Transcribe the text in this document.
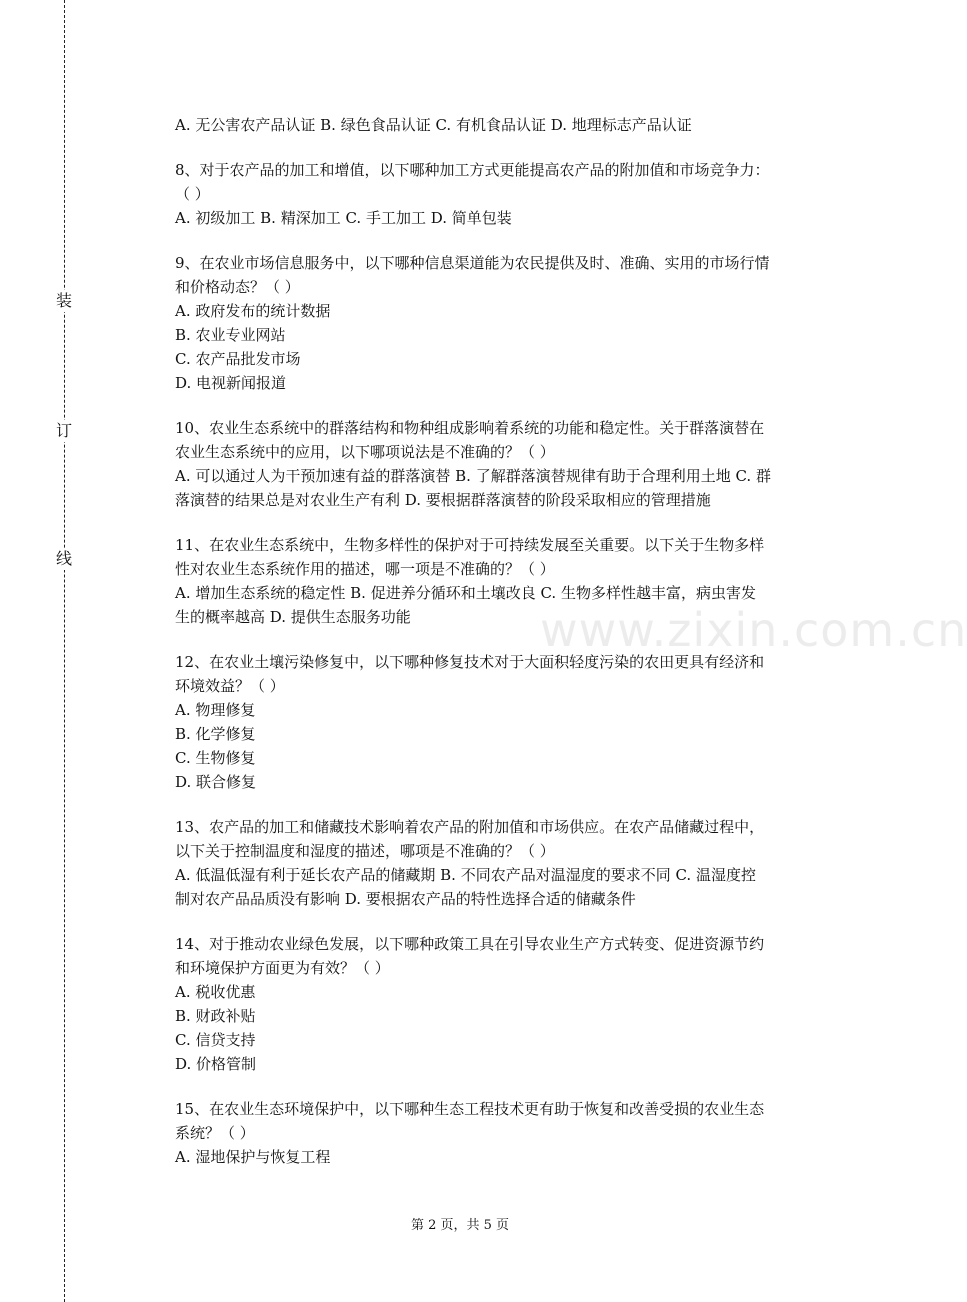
装
订
线
www.zixin.com.cn
A. 无公害农产品认证 B. 绿色食品认证 C. 有机食品认证 D. 地理标志产品认证
8、对于农产品的加工和增值，以下哪种加工方式更能提高农产品的附加值和市场竞争力：
（ ）
A. 初级加工 B. 精深加工 C. 手工加工 D. 简单包装
9、在农业市场信息服务中，以下哪种信息渠道能为农民提供及时、准确、实用的市场行情
和价格动态？（ ）
A. 政府发布的统计数据
B. 农业专业网站
C. 农产品批发市场
D. 电视新闻报道
10、农业生态系统中的群落结构和物种组成影响着系统的功能和稳定性。关于群落演替在
农业生态系统中的应用，以下哪项说法是不准确的？（ ）
A. 可以通过人为干预加速有益的群落演替 B. 了解群落演替规律有助于合理利用土地 C. 群
落演替的结果总是对农业生产有利 D. 要根据群落演替的阶段采取相应的管理措施
11、在农业生态系统中，生物多样性的保护对于可持续发展至关重要。以下关于生物多样
性对农业生态系统作用的描述，哪一项是不准确的？（ ）
A. 增加生态系统的稳定性 B. 促进养分循环和土壤改良 C. 生物多样性越丰富，病虫害发
生的概率越高 D. 提供生态服务功能
12、在农业土壤污染修复中，以下哪种修复技术对于大面积轻度污染的农田更具有经济和
环境效益？（ ）
A. 物理修复
B. 化学修复
C. 生物修复
D. 联合修复
13、农产品的加工和储藏技术影响着农产品的附加值和市场供应。在农产品储藏过程中，
以下关于控制温度和湿度的描述，哪项是不准确的？（ ）
A. 低温低湿有利于延长农产品的储藏期 B. 不同农产品对温湿度的要求不同 C. 温湿度控
制对农产品品质没有影响 D. 要根据农产品的特性选择合适的储藏条件
14、对于推动农业绿色发展，以下哪种政策工具在引导农业生产方式转变、促进资源节约
和环境保护方面更为有效？（ ）
A. 税收优惠
B. 财政补贴
C. 信贷支持
D. 价格管制
15、在农业生态环境保护中，以下哪种生态工程技术更有助于恢复和改善受损的农业生态
系统？（ ）
A. 湿地保护与恢复工程
第 2 页，共 5 页
